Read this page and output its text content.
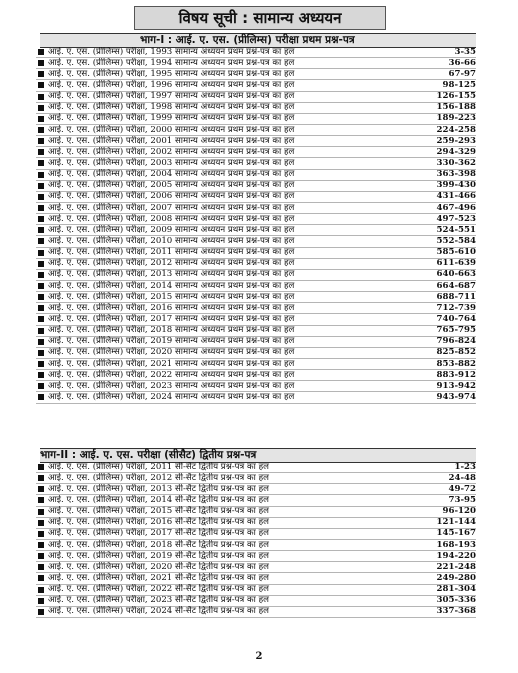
विषय सूची : सामान्य अध्ययन
भाग-I : आई. ए. एस. (प्रीलिम्स) परीक्षा प्रथम प्रश्न-पत्र
आई. ए. एस. (प्रीलिम्स) परीक्षा, 1993 सामान्य अध्ययन प्रथम प्रश्न-पत्र का हल	3-35
आई. ए. एस. (प्रीलिम्स) परीक्षा, 1994 सामान्य अध्ययन प्रथम प्रश्न-पत्र का हल	36-66
आई. ए. एस. (प्रीलिम्स) परीक्षा, 1995 सामान्य अध्ययन प्रथम प्रश्न-पत्र का हल	67-97
आई. ए. एस. (प्रीलिम्स) परीक्षा, 1996 सामान्य अध्ययन प्रथम प्रश्न-पत्र का हल	98-125
आई. ए. एस. (प्रीलिम्स) परीक्षा, 1997 सामान्य अध्ययन प्रथम प्रश्न-पत्र का हल	126-155
आई. ए. एस. (प्रीलिम्स) परीक्षा, 1998 सामान्य अध्ययन प्रथम प्रश्न-पत्र का हल	156-188
आई. ए. एस. (प्रीलिम्स) परीक्षा, 1999 सामान्य अध्ययन प्रथम प्रश्न-पत्र का हल	189-223
आई. ए. एस. (प्रीलिम्स) परीक्षा, 2000 सामान्य अध्ययन प्रथम प्रश्न-पत्र का हल	224-258
आई. ए. एस. (प्रीलिम्स) परीक्षा, 2001 सामान्य अध्ययन प्रथम प्रश्न-पत्र का हल	259-293
आई. ए. एस. (प्रीलिम्स) परीक्षा, 2002 सामान्य अध्ययन प्रथम प्रश्न-पत्र का हल	294-329
आई. ए. एस. (प्रीलिम्स) परीक्षा, 2003 सामान्य अध्ययन प्रथम प्रश्न-पत्र का हल	330-362
आई. ए. एस. (प्रीलिम्स) परीक्षा, 2004 सामान्य अध्ययन प्रथम प्रश्न-पत्र का हल	363-398
आई. ए. एस. (प्रीलिम्स) परीक्षा, 2005 सामान्य अध्ययन प्रथम प्रश्न-पत्र का हल	399-430
आई. ए. एस. (प्रीलिम्स) परीक्षा, 2006 सामान्य अध्ययन प्रथम प्रश्न-पत्र का हल	431-466
आई. ए. एस. (प्रीलिम्स) परीक्षा, 2007 सामान्य अध्ययन प्रथम प्रश्न-पत्र का हल	467-496
आई. ए. एस. (प्रीलिम्स) परीक्षा, 2008 सामान्य अध्ययन प्रथम प्रश्न-पत्र का हल	497-523
आई. ए. एस. (प्रीलिम्स) परीक्षा, 2009 सामान्य अध्ययन प्रथम प्रश्न-पत्र का हल	524-551
आई. ए. एस. (प्रीलिम्स) परीक्षा, 2010 सामान्य अध्ययन प्रथम प्रश्न-पत्र का हल	552-584
आई. ए. एस. (प्रीलिम्स) परीक्षा, 2011 सामान्य अध्ययन प्रथम प्रश्न-पत्र का हल	585-610
आई. ए. एस. (प्रीलिम्स) परीक्षा, 2012 सामान्य अध्ययन प्रथम प्रश्न-पत्र का हल	611-639
आई. ए. एस. (प्रीलिम्स) परीक्षा, 2013 सामान्य अध्ययन प्रथम प्रश्न-पत्र का हल	640-663
आई. ए. एस. (प्रीलिम्स) परीक्षा, 2014 सामान्य अध्ययन प्रथम प्रश्न-पत्र का हल	664-687
आई. ए. एस. (प्रीलिम्स) परीक्षा, 2015 सामान्य अध्ययन प्रथम प्रश्न-पत्र का हल	688-711
आई. ए. एस. (प्रीलिम्स) परीक्षा, 2016 सामान्य अध्ययन प्रथम प्रश्न-पत्र का हल	712-739
आई. ए. एस. (प्रीलिम्स) परीक्षा, 2017 सामान्य अध्ययन प्रथम प्रश्न-पत्र का हल	740-764
आई. ए. एस. (प्रीलिम्स) परीक्षा, 2018 सामान्य अध्ययन प्रथम प्रश्न-पत्र का हल	765-795
आई. ए. एस. (प्रीलिम्स) परीक्षा, 2019 सामान्य अध्ययन प्रथम प्रश्न-पत्र का हल	796-824
आई. ए. एस. (प्रीलिम्स) परीक्षा, 2020 सामान्य अध्ययन प्रथम प्रश्न-पत्र का हल	825-852
आई. ए. एस. (प्रीलिम्स) परीक्षा, 2021 सामान्य अध्ययन प्रथम प्रश्न-पत्र का हल	853-882
आई. ए. एस. (प्रीलिम्स) परीक्षा, 2022 सामान्य अध्ययन प्रथम प्रश्न-पत्र का हल	883-912
आई. ए. एस. (प्रीलिम्स) परीक्षा, 2023 सामान्य अध्ययन प्रथम प्रश्न-पत्र का हल	913-942
आई. ए. एस. (प्रीलिम्स) परीक्षा, 2024 सामान्य अध्ययन प्रथम प्रश्न-पत्र का हल	943-974
भाग-II : आई. ए. एस. परीक्षा (सीसैट) द्वितीय प्रश्न-पत्र
आई. ए. एस. (प्रीलिम्स) परीक्षा, 2011 सी-सैट द्वितीय प्रश्न-पत्र का हल	1-23
आई. ए. एस. (प्रीलिम्स) परीक्षा, 2012 सी-सैट द्वितीय प्रश्न-पत्र का हल	24-48
आई. ए. एस. (प्रीलिम्स) परीक्षा, 2013 सी-सैट द्वितीय प्रश्न-पत्र का हल	49-72
आई. ए. एस. (प्रीलिम्स) परीक्षा, 2014 सी-सैट द्वितीय प्रश्न-पत्र का हल	73-95
आई. ए. एस. (प्रीलिम्स) परीक्षा, 2015 सी-सैट द्वितीय प्रश्न-पत्र का हल	96-120
आई. ए. एस. (प्रीलिम्स) परीक्षा, 2016 सी-सैट द्वितीय प्रश्न-पत्र का हल	121-144
आई. ए. एस. (प्रीलिम्स) परीक्षा, 2017 सी-सैट द्वितीय प्रश्न-पत्र का हल	145-167
आई. ए. एस. (प्रीलिम्स) परीक्षा, 2018 सी-सैट द्वितीय प्रश्न-पत्र का हल	168-193
आई. ए. एस. (प्रीलिम्स) परीक्षा, 2019 सी-सैट द्वितीय प्रश्न-पत्र का हल	194-220
आई. ए. एस. (प्रीलिम्स) परीक्षा, 2020 सी-सैट द्वितीय प्रश्न-पत्र का हल	221-248
आई. ए. एस. (प्रीलिम्स) परीक्षा, 2021 सी-सैट द्वितीय प्रश्न-पत्र का हल	249-280
आई. ए. एस. (प्रीलिम्स) परीक्षा, 2022 सी-सैट द्वितीय प्रश्न-पत्र का हल	281-304
आई. ए. एस. (प्रीलिम्स) परीक्षा, 2023 सी-सैट द्वितीय प्रश्न-पत्र का हल	305-336
आई. ए. एस. (प्रीलिम्स) परीक्षा, 2024 सी-सैट द्वितीय प्रश्न-पत्र का हल	337-368
2
